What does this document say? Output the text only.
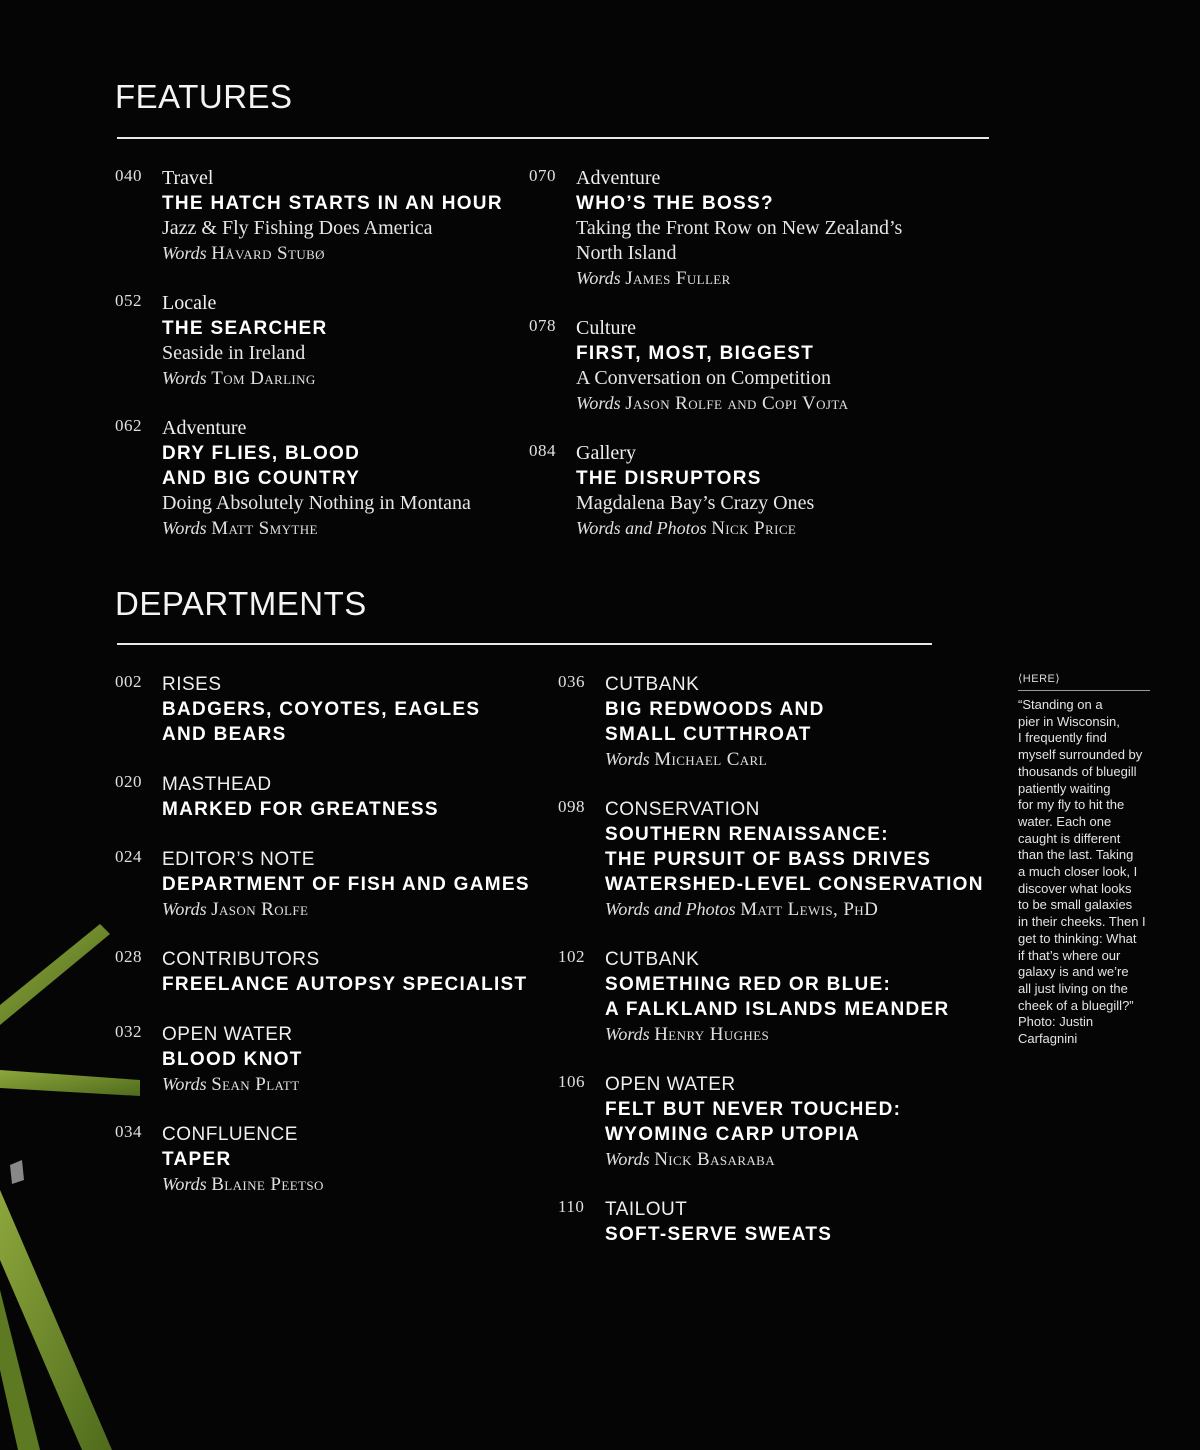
FEATURES
040 Travel
THE HATCH STARTS IN AN HOUR
Jazz & Fly Fishing Does America
Words Håvard Stubø
052 Locale
THE SEARCHER
Seaside in Ireland
Words Tom Darling
062 Adventure
DRY FLIES, BLOOD
AND BIG COUNTRY
Doing Absolutely Nothing in Montana
Words Matt Smythe
070 Adventure
WHO’S THE BOSS?
Taking the Front Row on New Zealand’s
North Island
Words James Fuller
078 Culture
FIRST, MOST, BIGGEST
A Conversation on Competition
Words Jason Rolfe and Copi Vojta
084 Gallery
THE DISRUPTORS
Magdalena Bay’s Crazy Ones
Words and Photos Nick Price
DEPARTMENTS
002 RISES
BADGERS, COYOTES, EAGLES
AND BEARS
020 MASTHEAD
MARKED FOR GREATNESS
024 EDITOR’S NOTE
DEPARTMENT OF FISH AND GAMES
Words Jason Rolfe
028 CONTRIBUTORS
FREELANCE AUTOPSY SPECIALIST
032 OPEN WATER
BLOOD KNOT
Words Sean Platt
034 CONFLUENCE
TAPER
Words Blaine Peetso
036 CUTBANK
BIG REDWOODS AND
SMALL CUTTHROAT
Words Michael Carl
098 CONSERVATION
SOUTHERN RENAISSANCE:
THE PURSUIT OF BASS DRIVES
WATERSHED-LEVEL CONSERVATION
Words and Photos Matt Lewis, PhD
102 CUTBANK
SOMETHING RED OR BLUE:
A FALKLAND ISLANDS MEANDER
Words Henry Hughes
106 OPEN WATER
FELT BUT NEVER TOUCHED:
WYOMING CARP UTOPIA
Words Nick Basaraba
110 TAILOUT
SOFT-SERVE SWEATS
⟨HERE⟩
“Standing on a
pier in Wisconsin,
I frequently find
myself surrounded by
thousands of bluegill
patiently waiting
for my fly to hit the
water. Each one
caught is different
than the last. Taking
a much closer look, I
discover what looks
to be small galaxies
in their cheeks. Then I
get to thinking: What
if that’s where our
galaxy is and we’re
all just living on the
cheek of a bluegill?”
Photo: Justin
Carfagnini
